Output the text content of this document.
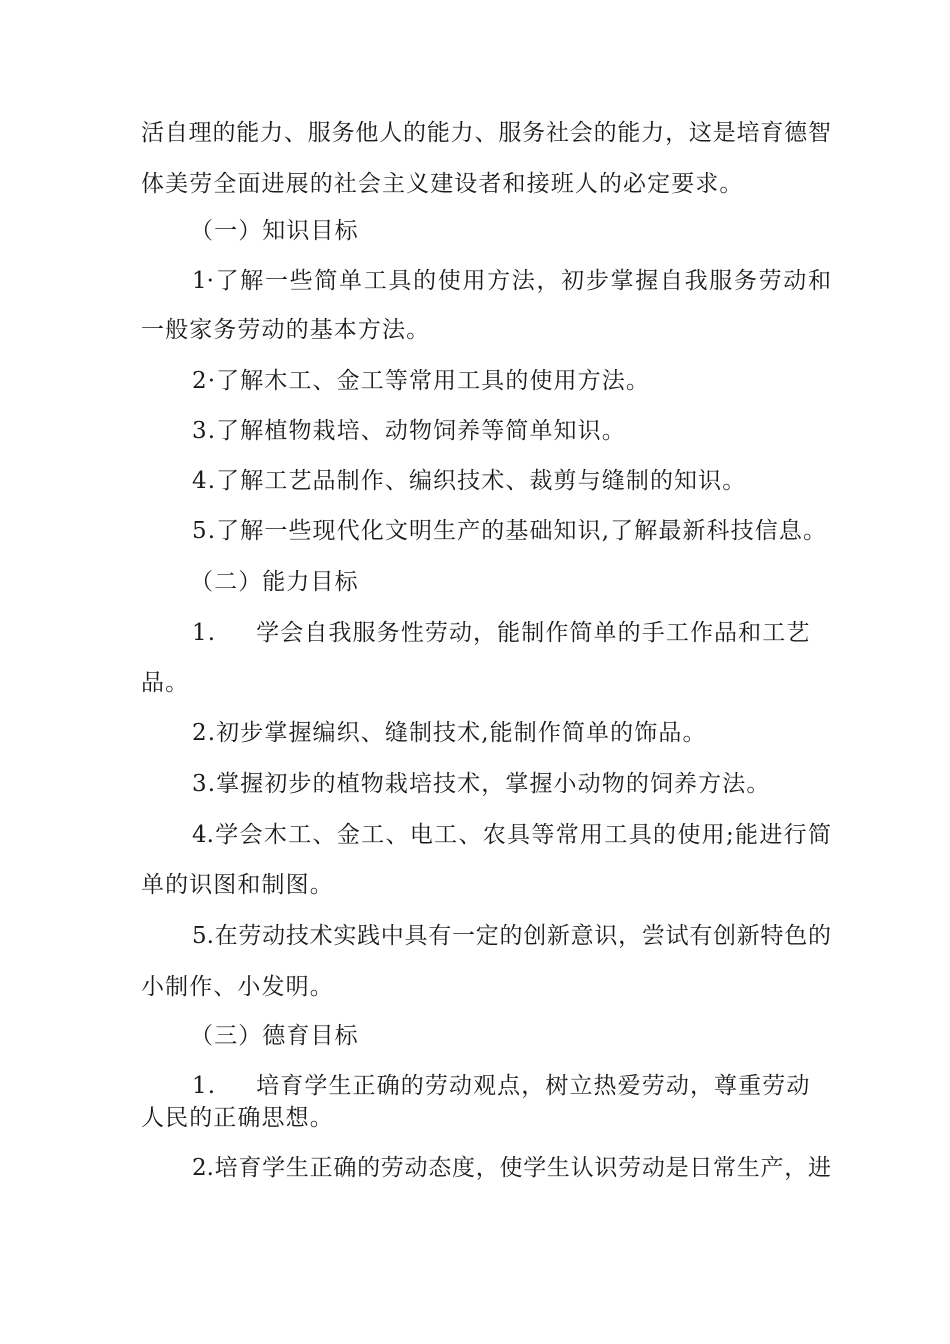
活自理的能力、服务他人的能力、服务社会的能力，这是培育德智
体美劳全面进展的社会主义建设者和接班人的必定要求。
（一）知识目标
1·了解一些简单工具的使用方法，初步掌握自我服务劳动和
一般家务劳动的基本方法。
2·了解木工、金工等常用工具的使用方法。
3.了解植物栽培、动物饲养等简单知识。
4.了解工艺品制作、编织技术、裁剪与缝制的知识。
5.了解一些现代化文明生产的基础知识,了解最新科技信息。
（二）能力目标
1. 学会自我服务性劳动，能制作简单的手工作品和工艺
品。
2.初步掌握编织、缝制技术,能制作简单的饰品。
3.掌握初步的植物栽培技术，掌握小动物的饲养方法。
4.学会木工、金工、电工、农具等常用工具的使用;能进行简
单的识图和制图。
5.在劳动技术实践中具有一定的创新意识，尝试有创新特色的
小制作、小发明。
（三）德育目标
1. 培育学生正确的劳动观点，树立热爱劳动，尊重劳动
人民的正确思想。
2.培育学生正确的劳动态度，使学生认识劳动是日常生产，进
